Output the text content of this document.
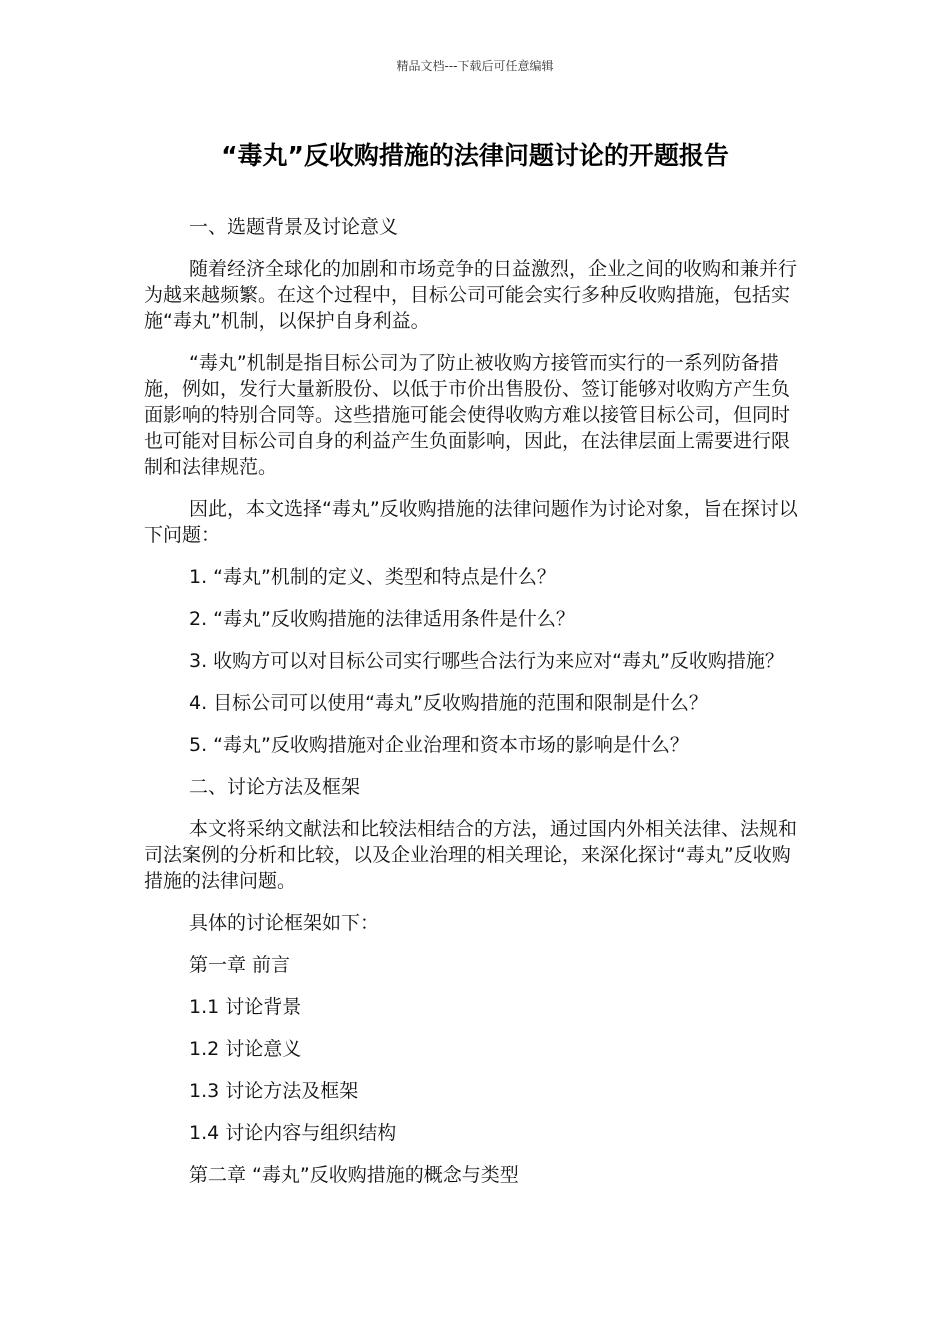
精品文档---下载后可任意编辑
“毒丸”反收购措施的法律问题讨论的开题报告

一、选题背景及讨论意义

随着经济全球化的加剧和市场竞争的日益激烈，企业之间的收购和兼并行为越来越频繁。在这个过程中，目标公司可能会实行多种反收购措施，包括实施“毒丸”机制，以保护自身利益。

“毒丸”机制是指目标公司为了防止被收购方接管而实行的一系列防备措施，例如，发行大量新股份、以低于市价出售股份、签订能够对收购方产生负面影响的特别合同等。这些措施可能会使得收购方难以接管目标公司，但同时也可能对目标公司自身的利益产生负面影响，因此，在法律层面上需要进行限制和法律规范。

因此，本文选择“毒丸”反收购措施的法律问题作为讨论对象，旨在探讨以下问题：

1. “毒丸”机制的定义、类型和特点是什么？

2. “毒丸”反收购措施的法律适用条件是什么？

3. 收购方可以对目标公司实行哪些合法行为来应对“毒丸”反收购措施？

4. 目标公司可以使用“毒丸”反收购措施的范围和限制是什么？

5. “毒丸”反收购措施对企业治理和资本市场的影响是什么？

二、讨论方法及框架

本文将采纳文献法和比较法相结合的方法，通过国内外相关法律、法规和司法案例的分析和比较，以及企业治理的相关理论，来深化探讨“毒丸”反收购措施的法律问题。

具体的讨论框架如下：

第一章 前言

1.1 讨论背景

1.2 讨论意义

1.3 讨论方法及框架

1.4 讨论内容与组织结构

第二章 “毒丸”反收购措施的概念与类型
